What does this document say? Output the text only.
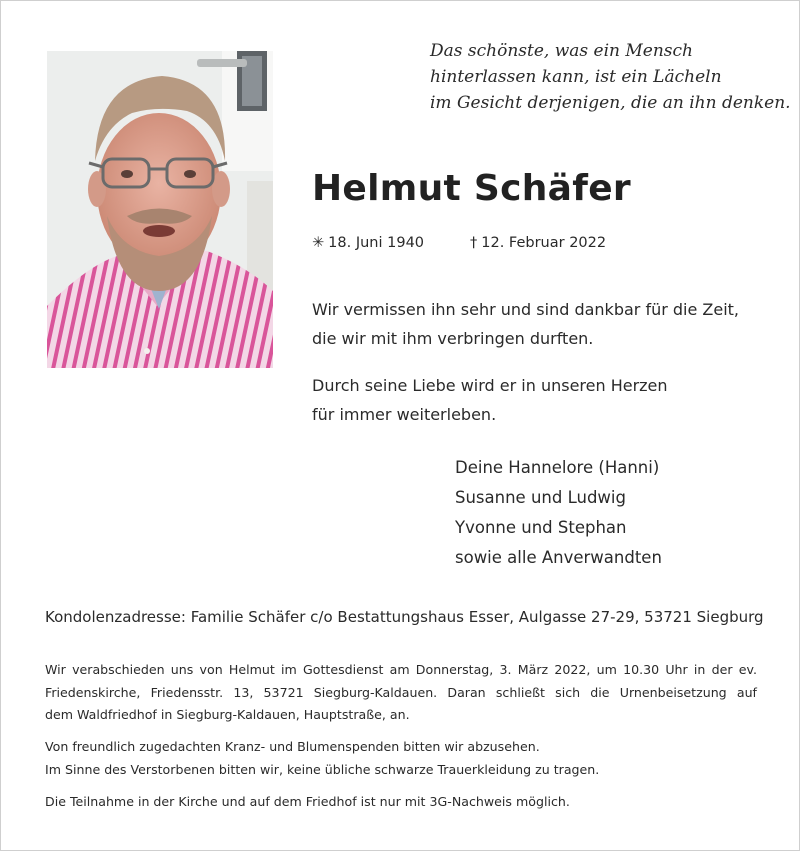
Das schönste, was ein Mensch
hinterlassen kann, ist ein Lächeln
im Gesicht derjenigen, die an ihn denken.
Helmut Schäfer
✳ 18. Juni 1940	† 12. Februar 2022
Wir vermissen ihn sehr und sind dankbar für die Zeit,
die wir mit ihm verbringen durften.
Durch seine Liebe wird er in unseren Herzen
für immer weiterleben.
Deine Hannelore (Hanni)
Susanne und Ludwig
Yvonne und Stephan
sowie alle Anverwandten
Kondolenzadresse: Familie Schäfer c/o Bestattungshaus Esser, Aulgasse 27-29, 53721 Siegburg
Wir verabschieden uns von Helmut im Gottesdienst am Donnerstag, 3. März 2022, um 10.30 Uhr in der ev.
Friedenskirche, Friedensstr. 13, 53721 Siegburg-Kaldauen. Daran schließt sich die Urnenbeisetzung auf
dem Waldfriedhof in Siegburg-Kaldauen, Hauptstraße, an.
Von freundlich zugedachten Kranz- und Blumenspenden bitten wir abzusehen.
Im Sinne des Verstorbenen bitten wir, keine übliche schwarze Trauerkleidung zu tragen.
Die Teilnahme in der Kirche und auf dem Friedhof ist nur mit 3G-Nachweis möglich.
